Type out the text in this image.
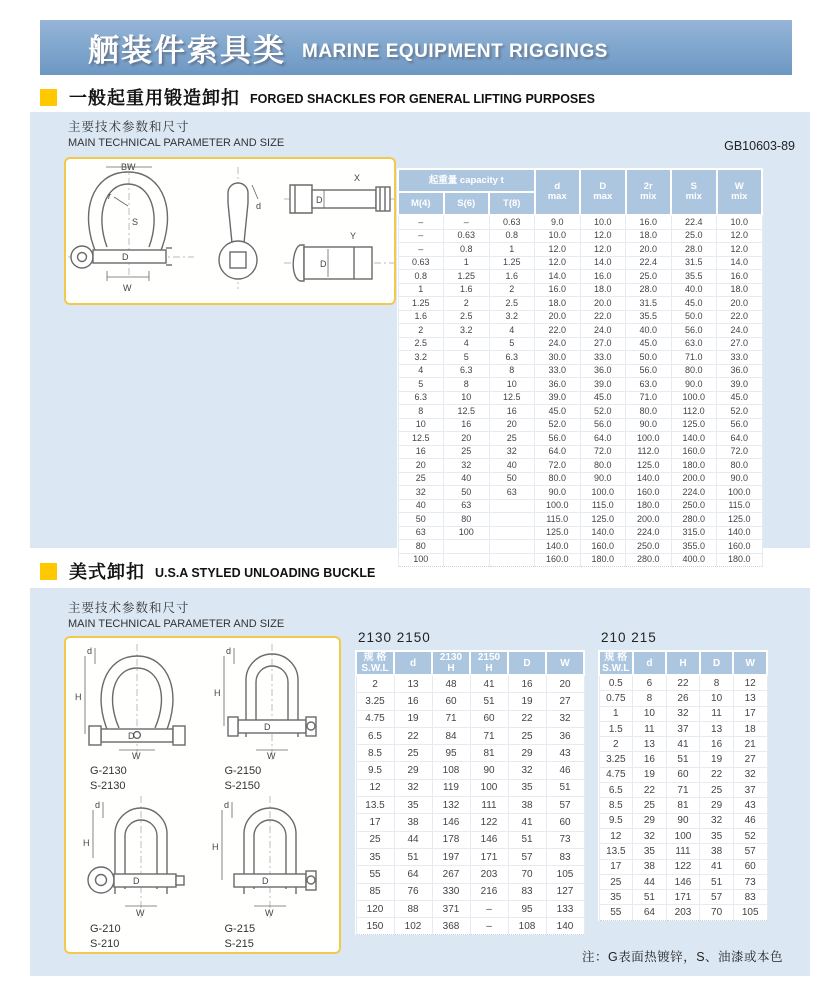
舾装件索具类 MARINE EQUIPMENT RIGGINGS
一般起重用锻造卸扣 FORGED SHACKLES FOR GENERAL LIFTING PURPOSES
主要技术参数和尺寸
MAIN TECHNICAL PARAMETER AND SIZE	GB10603-89
BW
r
S
D
W
d
X
D
Y
D
起重量 capacity t			d
max	D
max	2r
mix	S
mix	W
mix

M(4)	S(6)	T(8)					
–	–	0.63	9.0	10.0	16.0	22.4	10.0
–	0.63	0.8	10.0	12.0	18.0	25.0	12.0
–	0.8	1	12.0	12.0	20.0	28.0	12.0
0.63	1	1.25	12.0	14.0	22.4	31.5	14.0
0.8	1.25	1.6	14.0	16.0	25.0	35.5	16.0
1	1.6	2	16.0	18.0	28.0	40.0	18.0
1.25	2	2.5	18.0	20.0	31.5	45.0	20.0
1.6	2.5	3.2	20.0	22.0	35.5	50.0	22.0
2	3.2	4	22.0	24.0	40.0	56.0	24.0
2.5	4	5	24.0	27.0	45.0	63.0	27.0
3.2	5	6.3	30.0	33.0	50.0	71.0	33.0
4	6.3	8	33.0	36.0	56.0	80.0	36.0
5	8	10	36.0	39.0	63.0	90.0	39.0
6.3	10	12.5	39.0	45.0	71.0	100.0	45.0
8	12.5	16	45.0	52.0	80.0	112.0	52.0
10	16	20	52.0	56.0	90.0	125.0	56.0
12.5	20	25	56.0	64.0	100.0	140.0	64.0
16	25	32	64.0	72.0	112.0	160.0	72.0
20	32	40	72.0	80.0	125.0	180.0	80.0
25	40	50	80.0	90.0	140.0	200.0	90.0
32	50	63	90.0	100.0	160.0	224.0	100.0
40	63		100.0	115.0	180.0	250.0	115.0
50	80		115.0	125.0	200.0	280.0	125.0
63	100		125.0	140.0	224.0	315.0	140.0
80			140.0	160.0	250.0	355.0	160.0
100			160.0	180.0	280.0	400.0	180.0
美式卸扣 U.S.A STYLED UNLOADING BUCKLE
主要技术参数和尺寸
MAIN TECHNICAL PARAMETER AND SIZE
d
H
D
W
G-2130
S-2130
d
H
D
W
G-2150
S-2150
d
H
D
W
G-210
S-210
d
H
D
W
G-215
S-215
2130 2150
规 格
S.W.L	d	2130
H	2150
H	D	W

2	13	48	41	16	20
3.25	16	60	51	19	27
4.75	19	71	60	22	32
6.5	22	84	71	25	36
8.5	25	95	81	29	43
9.5	29	108	90	32	46
12	32	119	100	35	51
13.5	35	132	111	38	57
17	38	146	122	41	60
25	44	178	146	51	73
35	51	197	171	57	83
55	64	267	203	70	105
85	76	330	216	83	127
120	88	371	–	95	133
150	102	368	–	108	140
210 215
规 格
S.W.L	d	H	D	W

0.5	6	22	8	12
0.75	8	26	10	13
1	10	32	11	17
1.5	11	37	13	18
2	13	41	16	21
3.25	16	51	19	27
4.75	19	60	22	32
6.5	22	71	25	37
8.5	25	81	29	43
9.5	29	90	32	46
12	32	100	35	52
13.5	35	111	38	57
17	38	122	41	60
25	44	146	51	73
35	51	171	57	83
55	64	203	70	105
注：G表面热镀锌，S、油漆或本色
